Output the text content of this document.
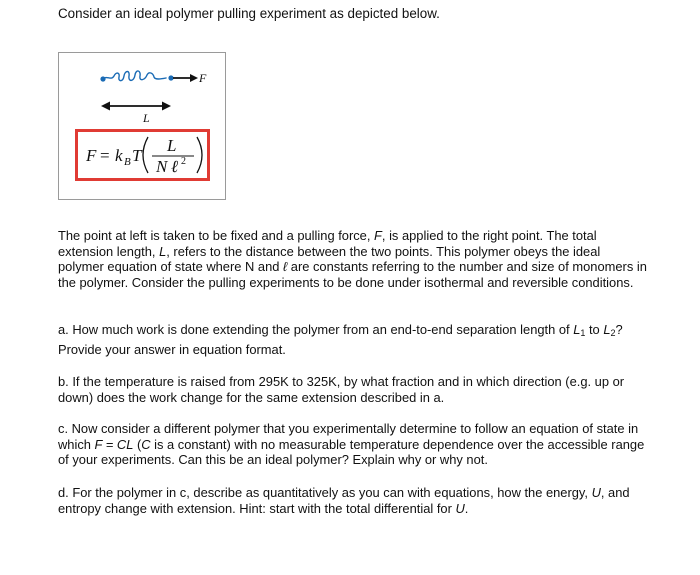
Consider an ideal polymer pulling experiment as depicted below.

F
L
F = k B T
L
N ℓ 2

The point at left is taken to be fixed and a pulling force, F, is applied to the right point. The total extension length, L, refers to the distance between the two points. This polymer obeys the ideal polymer equation of state where N and ℓ are constants referring to the number and size of monomers in the polymer. Consider the pulling experiments to be done under isothermal and reversible conditions.

a. How much work is done extending the polymer from an end-to-end separation length of $L_1$ to $L_2$? Provide your answer in equation format.

b. If the temperature is raised from 295K to 325K, by what fraction and in which direction (e.g. up or down) does the work change for the same extension described in a.

c. Now consider a different polymer that you experimentally determine to follow an equation of state in which F = CL (C is a constant) with no measurable temperature dependence over the accessible range of your experiments. Can this be an ideal polymer? Explain why or why not.

d. For the polymer in c, describe as quantitatively as you can with equations, how the energy, U, and entropy change with extension. Hint: start with the total differential for U.
